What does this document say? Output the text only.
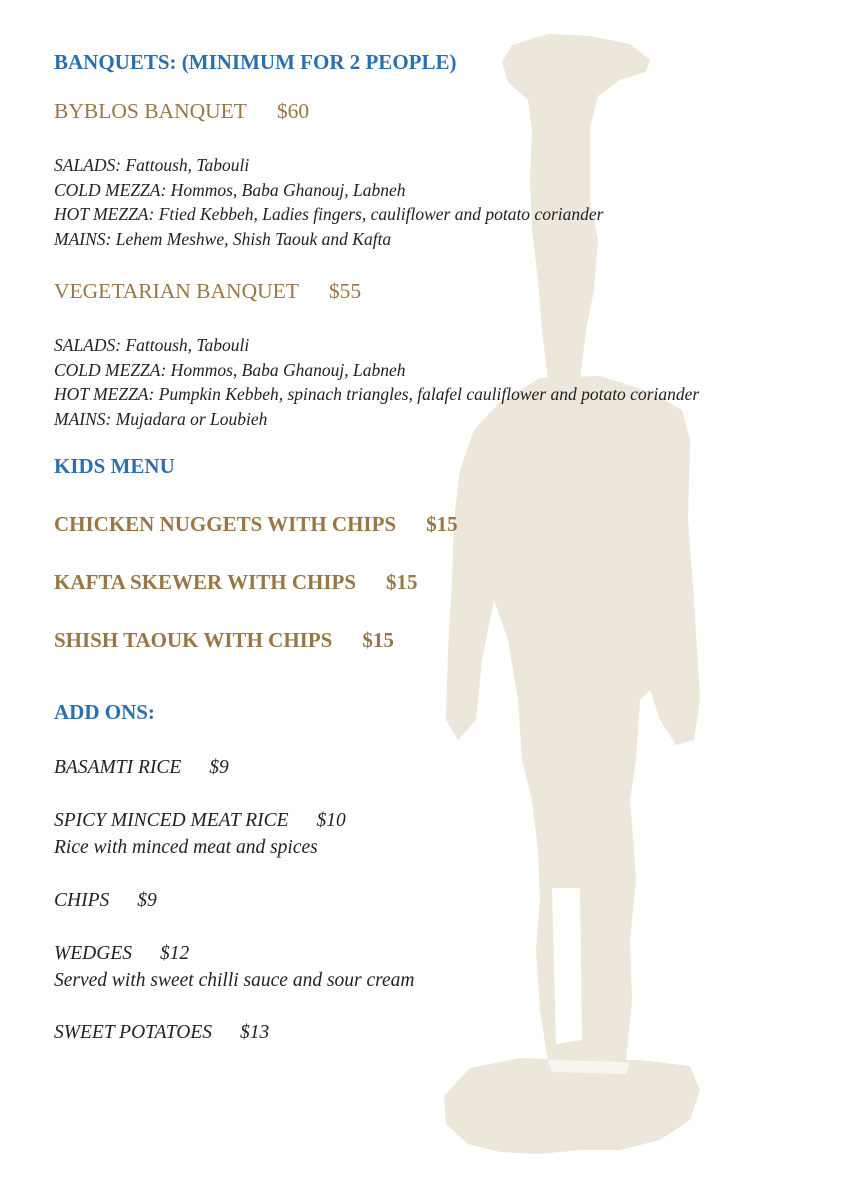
BANQUETS: (MINIMUM FOR 2 PEOPLE)
BYBLOS BANQUET $60
SALADS: Fattoush, Tabouli
COLD MEZZA: Hommos, Baba Ghanouj, Labneh
HOT MEZZA: Ftied Kebbeh, Ladies fingers, cauliflower and potato coriander
MAINS: Lehem Meshwe, Shish Taouk and Kafta
VEGETARIAN BANQUET $55
SALADS: Fattoush, Tabouli
COLD MEZZA: Hommos, Baba Ghanouj, Labneh
HOT MEZZA: Pumpkin Kebbeh, spinach triangles, falafel cauliflower and potato coriander
MAINS: Mujadara or Loubieh
KIDS MENU
CHICKEN NUGGETS WITH CHIPS $15
KAFTA SKEWER WITH CHIPS $15
SHISH TAOUK WITH CHIPS $15
ADD ONS:
BASAMTI RICE $9
SPICY MINCED MEAT RICE $10
Rice with minced meat and spices
CHIPS $9
WEDGES $12
Served with sweet chilli sauce and sour cream
SWEET POTATOES $13
